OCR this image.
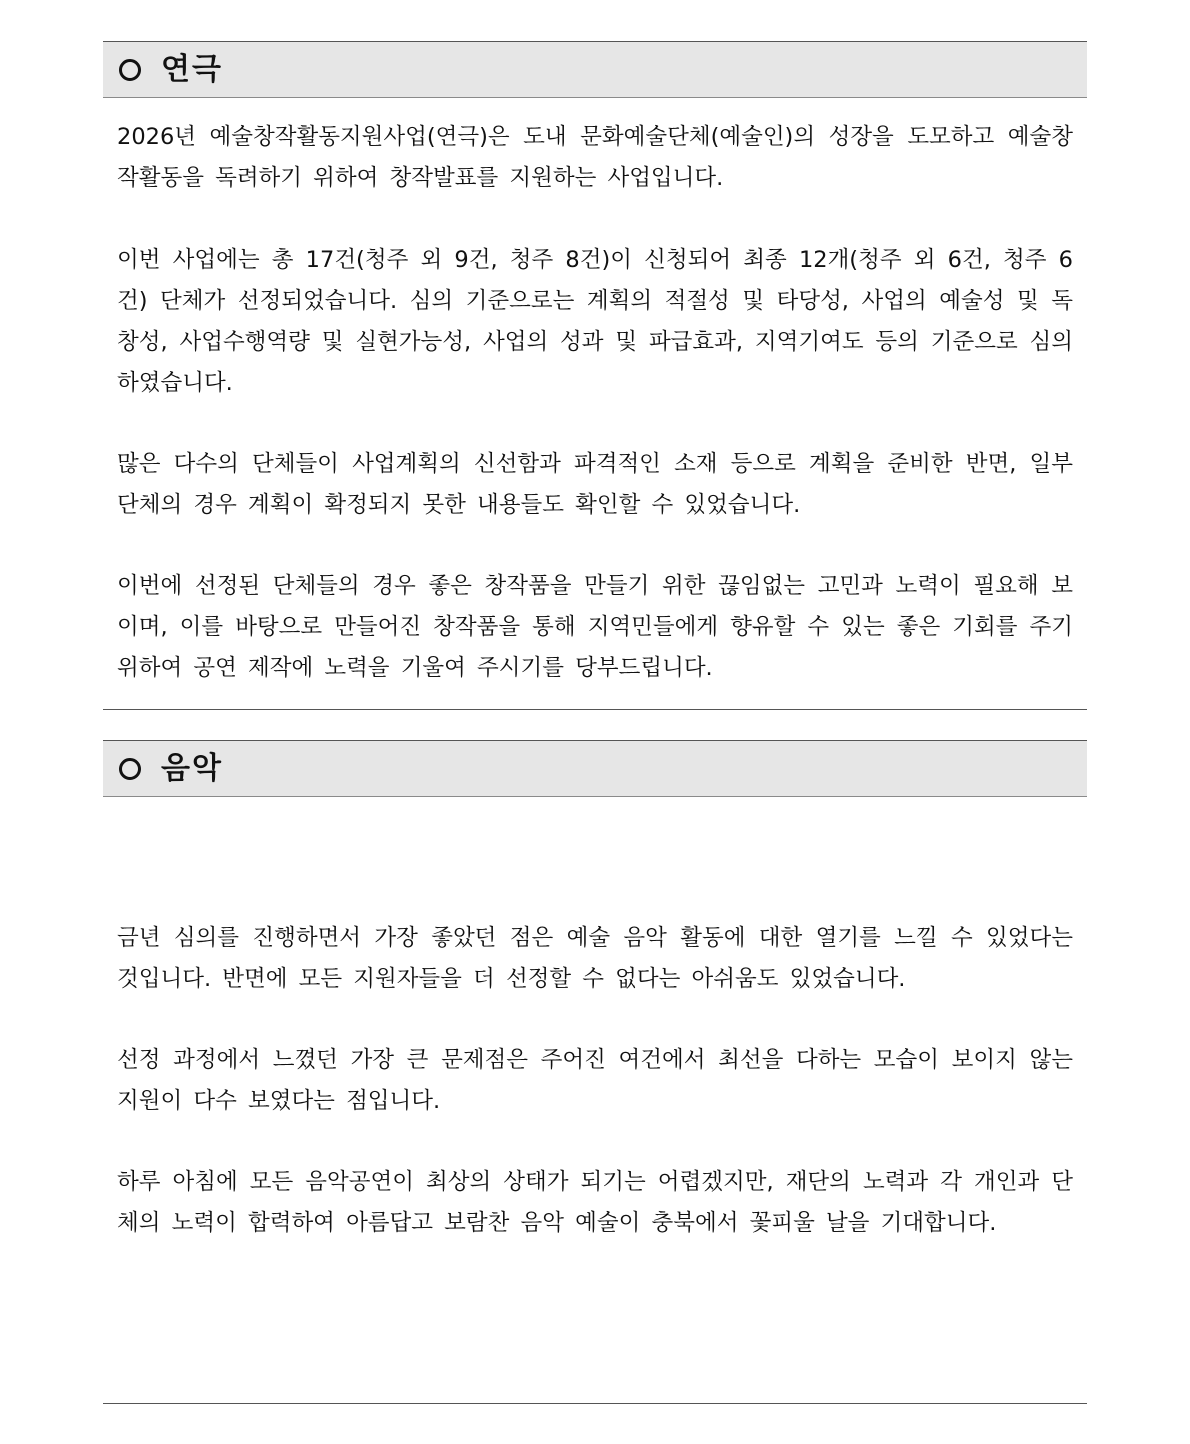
연극

2026년 예술창작활동지원사업(연극)은 도내 문화예술단체(예술인)의 성장을 도모하고 예술창작활동을 독려하기 위하여 창작발표를 지원하는 사업입니다.

이번 사업에는 총 17건(청주 외 9건, 청주 8건)이 신청되어 최종 12개(청주 외 6건, 청주 6건) 단체가 선정되었습니다. 심의 기준으로는 계획의 적절성 및 타당성, 사업의 예술성 및 독창성, 사업수행역량 및 실현가능성, 사업의 성과 및 파급효과, 지역기여도 등의 기준으로 심의하였습니다.

많은 다수의 단체들이 사업계획의 신선함과 파격적인 소재 등으로 계획을 준비한 반면, 일부 단체의 경우 계획이 확정되지 못한 내용들도 확인할 수 있었습니다.

이번에 선정된 단체들의 경우 좋은 창작품을 만들기 위한 끊임없는 고민과 노력이 필요해 보이며, 이를 바탕으로 만들어진 창작품을 통해 지역민들에게 향유할 수 있는 좋은 기회를 주기 위하여 공연 제작에 노력을 기울여 주시기를 당부드립니다.

음악

금년 심의를 진행하면서 가장 좋았던 점은 예술 음악 활동에 대한 열기를 느낄 수 있었다는 것입니다. 반면에 모든 지원자들을 더 선정할 수 없다는 아쉬움도 있었습니다.

선정 과정에서 느꼈던 가장 큰 문제점은 주어진 여건에서 최선을 다하는 모습이 보이지 않는 지원이 다수 보였다는 점입니다.

하루 아침에 모든 음악공연이 최상의 상태가 되기는 어렵겠지만, 재단의 노력과 각 개인과 단체의 노력이 합력하여 아름답고 보람찬 음악 예술이 충북에서 꽃피울 날을 기대합니다.
